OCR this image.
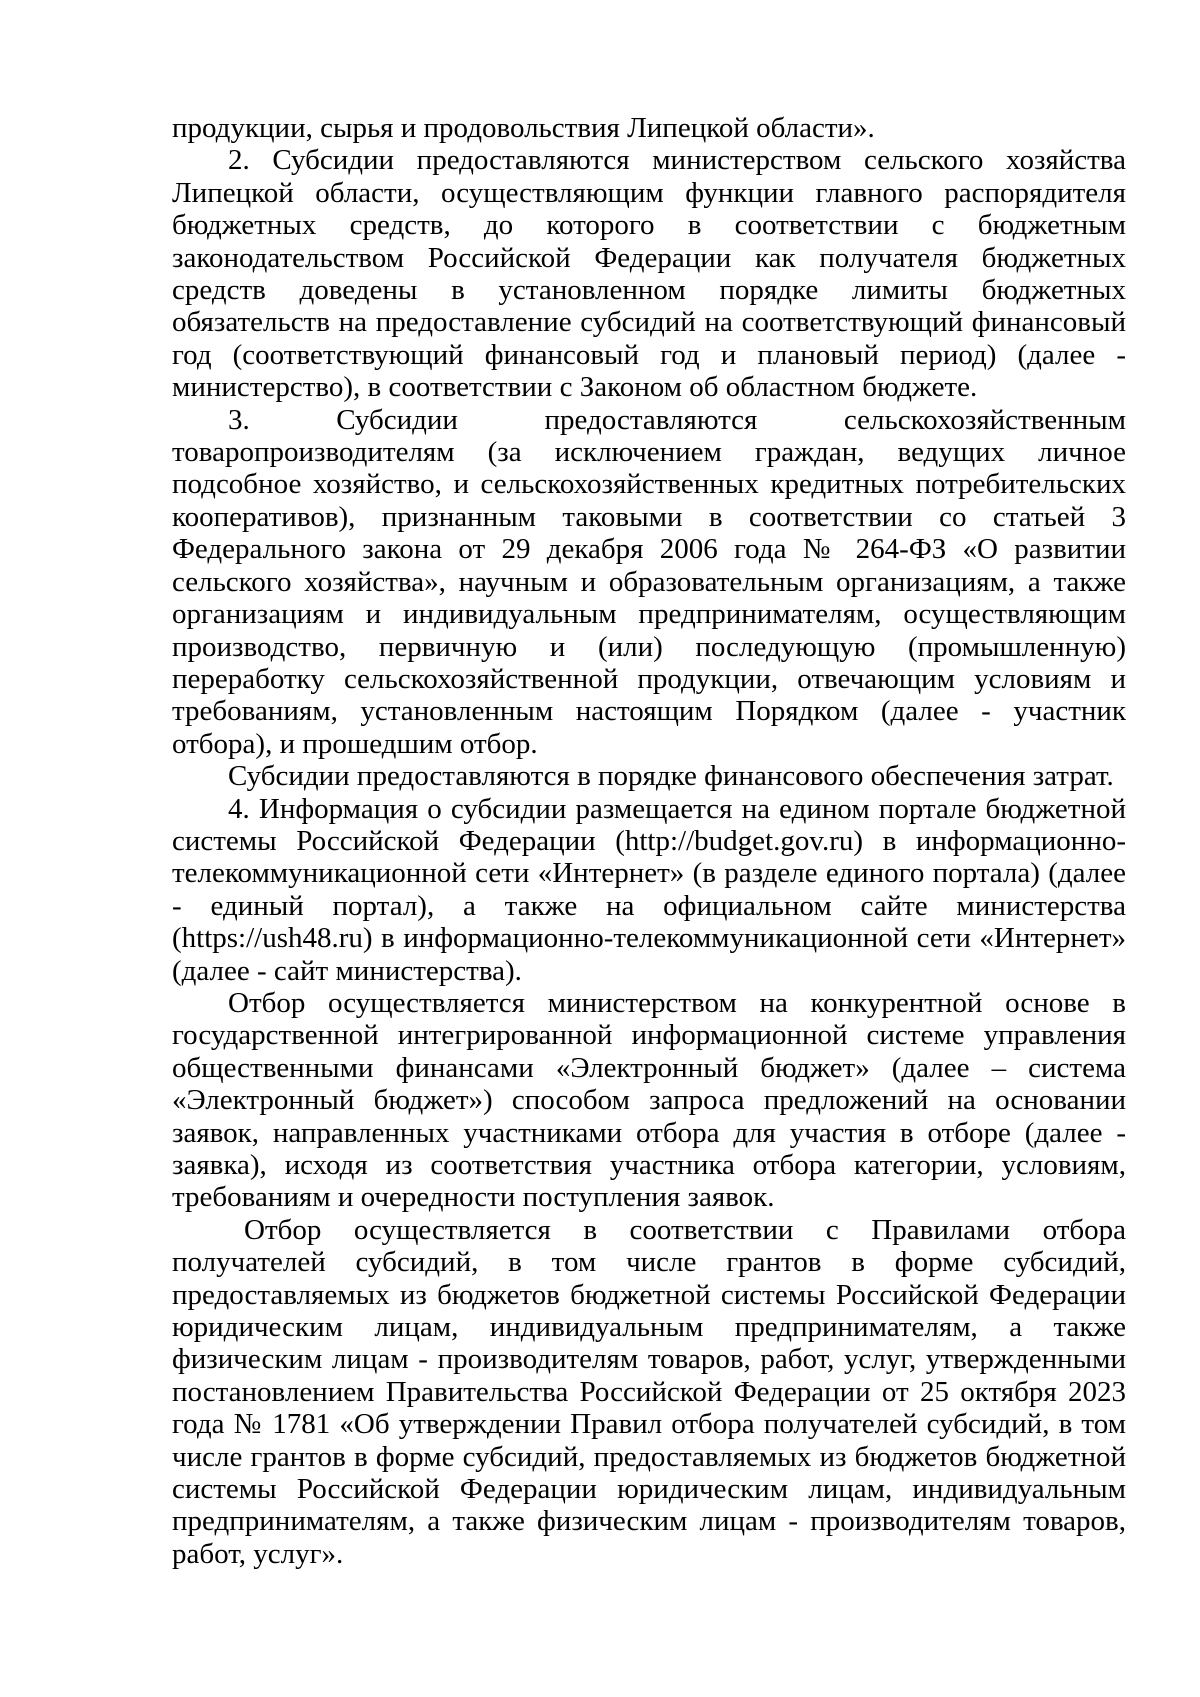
продукции, сырья и продовольствия Липецкой области».

2. Субсидии предоставляются министерством сельского хозяйства Липецкой области, осуществляющим функции главного распорядителя бюджетных средств, до которого в соответствии с бюджетным законодательством Российской Федерации как получателя бюджетных средств доведены в установленном порядке лимиты бюджетных обязательств на предоставление субсидий на соответствующий финансовый год (соответствующий финансовый год и плановый период) (далее - министерство), в соответствии с Законом об областном бюджете.

3. Субсидии предоставляются сельскохозяйственным товаропроизводителям (за исключением граждан, ведущих личное подсобное хозяйство, и сельскохозяйственных кредитных потребительских кооперативов), признанным таковыми в соответствии со статьей 3 Федерального закона от 29 декабря 2006 года № 264-ФЗ «О развитии сельского хозяйства», научным и образовательным организациям, а также организациям и индивидуальным предпринимателям, осуществляющим производство, первичную и (или) последующую (промышленную) переработку сельскохозяйственной продукции, отвечающим условиям и требованиям, установленным настоящим Порядком (далее - участник отбора), и прошедшим отбор.

Субсидии предоставляются в порядке финансового обеспечения затрат.

4. Информация о субсидии размещается на едином портале бюджетной системы Российской Федерации (http://budget.gov.ru) в информационно-телекоммуникационной сети «Интернет» (в разделе единого портала) (далее - единый портал), а также на официальном сайте министерства (https://ush48.ru) в информационно-телекоммуникационной сети «Интернет» (далее - сайт министерства).

Отбор осуществляется министерством на конкурентной основе в государственной интегрированной информационной системе управления общественными финансами «Электронный бюджет» (далее – система «Электронный бюджет») способом запроса предложений на основании заявок, направленных участниками отбора для участия в отборе (далее - заявка), исходя из соответствия участника отбора категории, условиям, требованиям и очередности поступления заявок.

Отбор осуществляется в соответствии с Правилами отбора получателей субсидий, в том числе грантов в форме субсидий, предоставляемых из бюджетов бюджетной системы Российской Федерации юридическим лицам, индивидуальным предпринимателям, а также физическим лицам - производителям товаров, работ, услуг, утвержденными постановлением Правительства Российской Федерации от 25 октября 2023 года № 1781 «Об утверждении Правил отбора получателей субсидий, в том числе грантов в форме субсидий, предоставляемых из бюджетов бюджетной системы Российской Федерации юридическим лицам, индивидуальным предпринимателям, а также физическим лицам - производителям товаров, работ, услуг».
